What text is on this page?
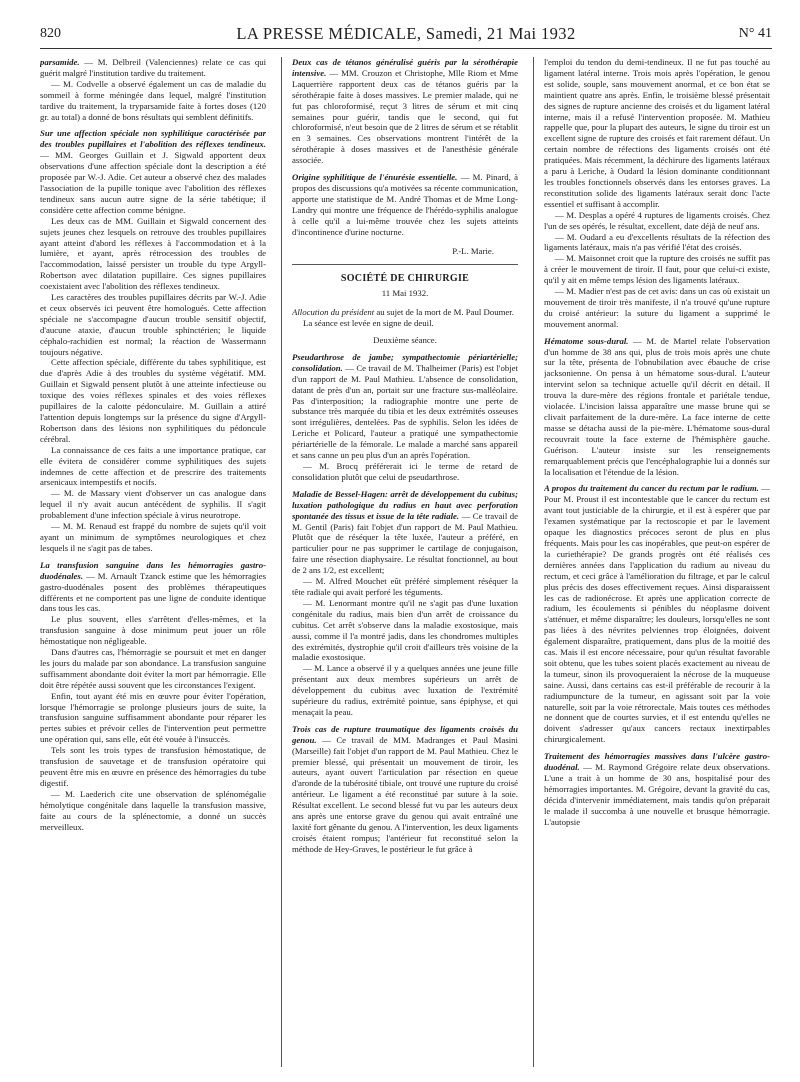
820	LA PRESSE MÉDICALE, Samedi, 21 Mai 1932	N° 41

parsamide. — M. Delbreil (Valenciennes) relate ce cas qui guérit malgré l'institution tardive du traitement.

— M. Codvelle a observé également un cas de maladie du sommeil à forme méningée dans lequel, malgré l'institution tardive du traitement, la tryparsamide faite à fortes doses (120 gr. au total) a donné de bons résultats qui semblent définitifs.

Sur une affection spéciale non syphilitique caractérisée par des troubles pupillaires et l'abolition des réflexes tendineux. — MM. Georges Guillain et J. Sigwald apportent deux observations d'une affection spéciale dont la description a été proposée par W.-J. Adie. Cet auteur a observé chez des malades l'association de la pupille tonique avec l'abolition des réflexes tendineux sans aucun autre signe de la série tabétique; il considère cette affection comme bénigne.

Les deux cas de MM. Guillain et Sigwald concernent des sujets jeunes chez lesquels on retrouve des troubles pupillaires ayant atteint d'abord les réflexes à l'accommodation et à la lumière, et ayant, après rétrocession des troubles de l'accommodation, laissé persister un trouble du type Argyll-Robertson avec dilatation pupillaire. Ces signes pupillaires coexistaient avec l'abolition des réflexes tendineux.

Les caractères des troubles pupillaires décrits par W.-J. Adie et ceux observés ici peuvent être homologués. Cette affection spéciale ne s'accompagne d'aucun trouble sensitif objectif, d'aucune ataxie, d'aucun trouble sphinctérien; le liquide céphalo-rachidien est normal; la réaction de Wassermann toujours négative.

Cette affection spéciale, différente du tabes syphilitique, est due d'après Adie à des troubles du système végétatif. MM. Guillain et Sigwald pensent plutôt à une atteinte infectieuse ou toxique des voies réflexes spinales et des voies réflexes pupillaires de la calotte pédonculaire. M. Guillain a attiré l'attention depuis longtemps sur la présence du signe d'Argyll-Robertson dans des lésions non syphilitiques du pédoncule cérébral.

La connaissance de ces faits a une importance pratique, car elle évitera de considérer comme syphilitiques des sujets indemnes de cette affection et de prescrire des traitements arsenicaux intempestifs et nocifs.

— M. de Massary vient d'observer un cas analogue dans lequel il n'y avait aucun antécédent de syphilis. Il s'agit probablement d'une infection spéciale à virus neurotrope.

— M. M. Renaud est frappé du nombre de sujets qu'il voit ayant un minimum de symptômes neurologiques et chez lesquels il ne s'agit pas de tabes.

La transfusion sanguine dans les hémorragies gastro-duodénales. — M. Arnault Tzanck estime que les hémorragies gastro-duodénales posent des problèmes thérapeutiques différents et ne comportent pas une ligne de conduite identique dans tous les cas.

Le plus souvent, elles s'arrêtent d'elles-mêmes, et la transfusion sanguine à dose minimum peut jouer un rôle hémostatique non négligeable.

Dans d'autres cas, l'hémorragie se poursuit et met en danger les jours du malade par son abondance. La transfusion sanguine suffisamment abondante doit éviter la mort par hémorragie. Elle doit être répétée aussi souvent que les circonstances l'exigent.

Enfin, tout ayant été mis en œuvre pour éviter l'opération, lorsque l'hémorragie se prolonge plusieurs jours de suite, la transfusion sanguine suffisamment abondante pour réparer les pertes subies et prévoir celles de l'intervention peut permettre une opération qui, sans elle, eût été vouée à l'insuccès.

Tels sont les trois types de transfusion hémostatique, de transfusion de sauvetage et de transfusion opératoire qui peuvent être mis en œuvre en présence des hémorragies du tube digestif.

— M. Laederich cite une observation de splénomégalie hémolytique congénitale dans laquelle la transfusion massive, faite au cours de la splénectomie, a donné un succès merveilleux.

Deux cas de tétanos généralisé guéris par la sérothérapie intensive. — MM. Crouzon et Christophe, Mlle Riom et Mme Laquerrière rapportent deux cas de tétanos guéris par la sérothérapie faite à doses massives. Le premier malade, qui ne fut pas chloroformisé, reçut 3 litres de sérum et mit cinq semaines pour guérir, tandis que le second, qui fut chloroformisé, n'eut besoin que de 2 litres de sérum et se rétablit en 3 semaines. Ces observations montrent l'intérêt de la sérothérapie à doses massives et de l'anesthésie générale associée.

Origine syphilitique de l'énurésie essentielle. — M. Pinard, à propos des discussions qu'a motivées sa récente communication, apporte une statistique de M. André Thomas et de Mme Long-Landry qui montre une fréquence de l'hérédo-syphilis analogue à celle qu'il a lui-même trouvée chez les sujets atteints d'incontinence d'urine nocturne.

P.-L. Marie.

SOCIÉTÉ DE CHIRURGIE

11 Mai 1932.

Allocution du président au sujet de la mort de M. Paul Doumer.

La séance est levée en signe de deuil.

Deuxième séance.

Pseudarthrose de jambe; sympathectomie périartérielle; consolidation. — Ce travail de M. Thalheimer (Paris) est l'objet d'un rapport de M. Paul Mathieu. L'absence de consolidation, datant de près d'un an, portait sur une fracture sus-malléolaire. Pas d'interposition; la radiographie montre une perte de substance très marquée du tibia et les deux extrémités osseuses sont irrégulières, dentelées. Pas de syphilis. Selon les idées de Leriche et Policard, l'auteur a pratiqué une sympathectomie périartérielle de la fémorale. Le malade a marché sans appareil et sans canne un peu plus d'un an après l'opération.

— M. Brocq préférerait ici le terme de retard de consolidation plutôt que celui de pseudarthrose.

Maladie de Bessel-Hagen: arrêt de développement du cubitus; luxation pathologique du radius en haut avec perforation spontanée des tissus et issue de la tête radiale. — Ce travail de M. Gentil (Paris) fait l'objet d'un rapport de M. Paul Mathieu. Plutôt que de réséquer la tête luxée, l'auteur a préféré, en particulier pour ne pas supprimer le cartilage de conjugaison, faire une résection diaphysaire. Le résultat fonctionnel, au bout de 2 ans 1/2, est excellent;

— M. Alfred Mouchet eût préféré simplement réséquer la tête radiale qui avait perforé les téguments.

— M. Lenormant montre qu'il ne s'agit pas d'une luxation congénitale du radius, mais bien d'un arrêt de croissance du cubitus. Cet arrêt s'observe dans la maladie exostosique, mais aussi, comme il l'a montré jadis, dans les chondromes multiples des extrémités, dystrophie qu'il croit d'ailleurs très voisine de la maladie exostosique.

— M. Lance a observé il y a quelques années une jeune fille présentant aux deux membres supérieurs un arrêt de développement du cubitus avec luxation de l'extrémité supérieure du radius, extrémité pointue, sans épiphyse, et qui menaçait la peau.

Trois cas de rupture traumatique des ligaments croisés du genou. — Ce travail de MM. Madranges et Paul Masini (Marseille) fait l'objet d'un rapport de M. Paul Mathieu. Chez le premier blessé, qui présentait un mouvement de tiroir, les auteurs, ayant ouvert l'articulation par résection en queue d'aronde de la tubérosité tibiale, ont trouvé une rupture du croisé antérieur. Le ligament a été reconstitué par suture à la soie. Résultat excellent. Le second blessé fut vu par les auteurs deux ans après une entorse grave du genou qui avait entraîné une laxité fort gênante du genou. A l'intervention, les deux ligaments croisés étaient rompus; l'antérieur fut reconstitué selon la méthode de Hey-Graves, le postérieur le fut grâce à

l'emploi du tendon du demi-tendineux. Il ne fut pas touché au ligament latéral interne. Trois mois après l'opération, le genou est solide, souple, sans mouvement anormal, et ce bon état se maintient quatre ans après. Enfin, le troisième blessé présentait des signes de rupture ancienne des croisés et du ligament latéral interne, mais il a refusé l'intervention proposée. M. Mathieu rappelle que, pour la plupart des auteurs, le signe du tiroir est un excellent signe de rupture des croisés et fait rarement défaut. Un certain nombre de réfections des ligaments croisés ont été pratiquées. Mais récemment, la déchirure des ligaments latéraux a paru à Leriche, à Oudard la lésion dominante conditionnant les troubles fonctionnels observés dans les entorses graves. La reconstitution solide des ligaments latéraux serait donc l'acte essentiel et suffisant à accomplir.

— M. Desplas a opéré 4 ruptures de ligaments croisés. Chez l'un de ses opérés, le résultat, excellent, date déjà de neuf ans.

— M. Oudard a eu d'excellents résultats de la réfection des ligaments latéraux, mais n'a pas vérifié l'état des croisés.

— M. Maisonnet croit que la rupture des croisés ne suffit pas à créer le mouvement de tiroir. Il faut, pour que celui-ci existe, qu'il y ait en même temps lésion des ligaments latéraux.

— M. Madier n'est pas de cet avis: dans un cas où existait un mouvement de tiroir très manifeste, il n'a trouvé qu'une rupture du croisé antérieur: la suture du ligament a supprimé le mouvement anormal.

Hématome sous-dural. — M. de Martel relate l'observation d'un homme de 38 ans qui, plus de trois mois après une chute sur la tête, présenta de l'obnubilation avec ébauche de crise jacksonienne. On pensa à un hématome sous-dural. L'auteur intervint selon sa technique actuelle qu'il décrit en détail. Il trouva la dure-mère des régions frontale et pariétale tendue, violacée. L'incision laissa apparaître une masse brune qui se clivait parfaitement de la dure-mère. La face interne de cette masse se détacha aussi de la pie-mère. L'hématome sous-dural recouvrait toute la face externe de l'hémisphère gauche. Guérison. L'auteur insiste sur les renseignements remarquablement précis que l'encéphalographie lui a donnés sur la localisation et l'étendue de la lésion.

A propos du traitement du cancer du rectum par le radium. — Pour M. Proust il est incontestable que le cancer du rectum est avant tout justiciable de la chirurgie, et il est à espérer que par l'examen systématique par la rectoscopie et par le lavement opaque les diagnostics précoces seront de plus en plus fréquents. Mais pour les cas inopérables, que peut-on espérer de la curiethérapie? De grands progrès ont été réalisés ces dernières années dans l'application du radium au niveau du rectum, et ceci grâce à l'amélioration du filtrage, et par le calcul plus précis des doses effectivement reçues. Ainsi disparaissent les cas de radionécrose. Et après une application correcte de radium, les écoulements si pénibles du néoplasme doivent s'atténuer, et même disparaître; les douleurs, lorsqu'elles ne sont pas liées à des névrites pelviennes trop éloignées, doivent également disparaître, pratiquement, dans plus de la moitié des cas. Mais il est encore nécessaire, pour qu'un résultat favorable soit obtenu, que les tubes soient placés exactement au niveau de la tumeur, sinon ils provoqueraient la nécrose de la muqueuse saine. Aussi, dans certains cas est-il préférable de recourir à la radiumpuncture de la tumeur, en agissant soit par la voie naturelle, soit par la voie rétrorectale. Mais toutes ces méthodes ne donnent que de courtes survies, et il est entendu qu'elles ne doivent s'adresser qu'aux cancers rectaux inextirpables chirurgicalement.

Traitement des hémorragies massives dans l'ulcère gastro-duodénal. — M. Raymond Grégoire relate deux observations. L'une a trait à un homme de 30 ans, hospitalisé pour des hémorragies importantes. M. Grégoire, devant la gravité du cas, décida d'intervenir immédiatement, mais tandis qu'on préparait le malade il succomba à une nouvelle et brusque hémorragie. L'autopsie
